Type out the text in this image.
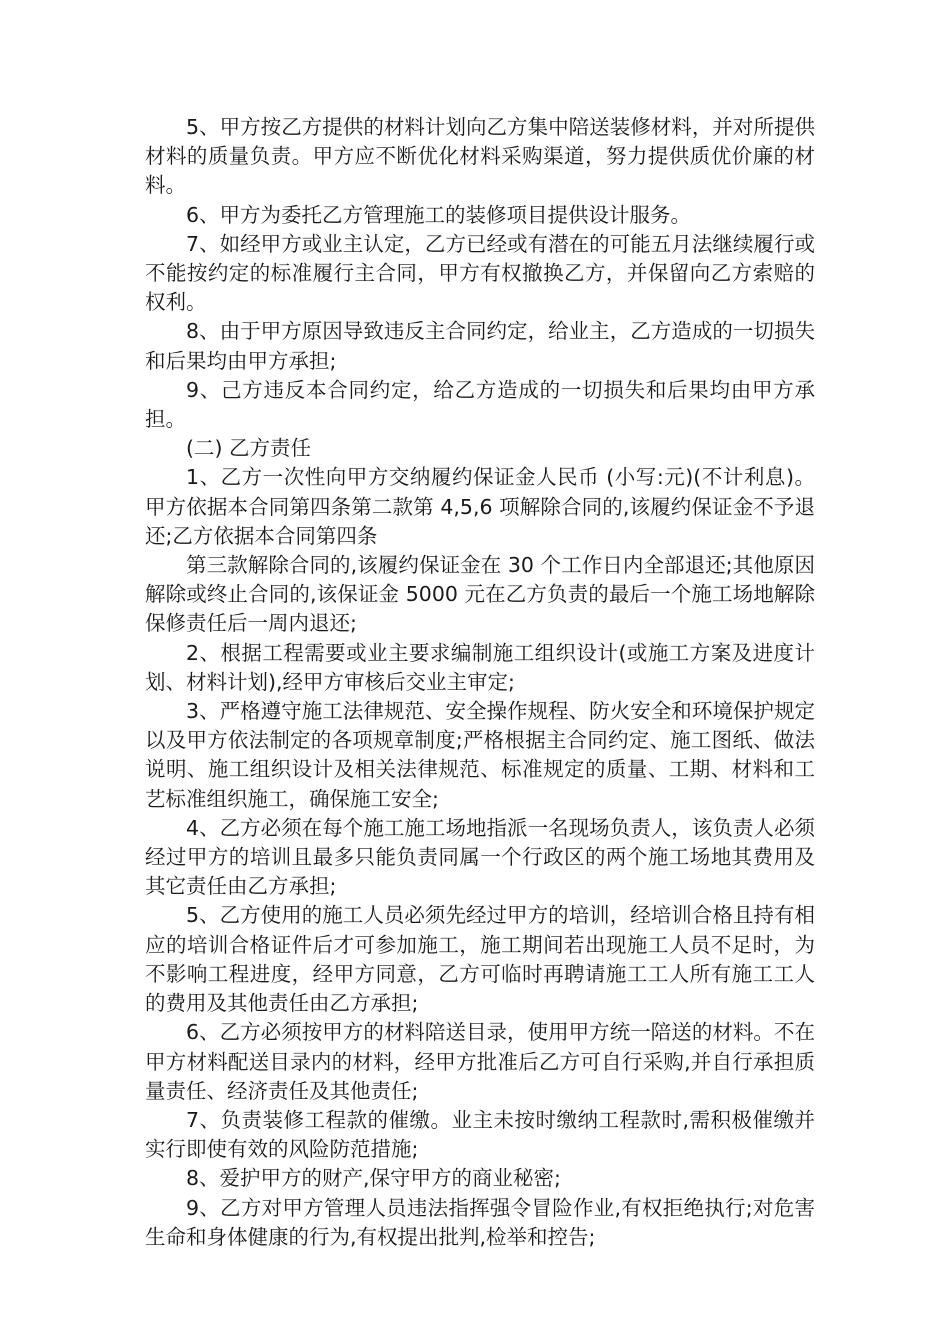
5、甲方按乙方提供的材料计划向乙方集中陪送装修材料，并对所提供材料的质量负责。甲方应不断优化材料采购渠道，努力提供质优价廉的材料。

6、甲方为委托乙方管理施工的装修项目提供设计服务。

7、如经甲方或业主认定，乙方已经或有潜在的可能五月法继续履行或不能按约定的标准履行主合同，甲方有权撤换乙方，并保留向乙方索赔的权利。

8、由于甲方原因导致违反主合同约定，给业主，乙方造成的一切损失和后果均由甲方承担;

9、己方违反本合同约定，给乙方造成的一切损失和后果均由甲方承担。

(二) 乙方责任

1、乙方一次性向甲方交纳履约保证金人民币 (小写:元)(不计利息)。甲方依据本合同第四条第二款第 4,5,6 项解除合同的,该履约保证金不予退还;乙方依据本合同第四条

第三款解除合同的,该履约保证金在 30 个工作日内全部退还;其他原因解除或终止合同的,该保证金 5000 元在乙方负责的最后一个施工场地解除保修责任后一周内退还;

2、根据工程需要或业主要求编制施工组织设计(或施工方案及进度计划、材料计划),经甲方审核后交业主审定;

3、严格遵守施工法律规范、安全操作规程、防火安全和环境保护规定以及甲方依法制定的各项规章制度;严格根据主合同约定、施工图纸、做法说明、施工组织设计及相关法律规范、标准规定的质量、工期、材料和工艺标准组织施工，确保施工安全;

4、乙方必须在每个施工施工场地指派一名现场负责人，该负责人必须经过甲方的培训且最多只能负责同属一个行政区的两个施工场地其费用及其它责任由乙方承担;

5、乙方使用的施工人员必须先经过甲方的培训，经培训合格且持有相应的培训合格证件后才可参加施工，施工期间若出现施工人员不足时，为不影响工程进度，经甲方同意，乙方可临时再聘请施工工人所有施工工人的费用及其他责任由乙方承担;

6、乙方必须按甲方的材料陪送目录，使用甲方统一陪送的材料。不在甲方材料配送目录内的材料，经甲方批准后乙方可自行采购,并自行承担质量责任、经济责任及其他责任;

7、负责装修工程款的催缴。业主未按时缴纳工程款时,需积极催缴并实行即使有效的风险防范措施;

8、爱护甲方的财产,保守甲方的商业秘密;

9、乙方对甲方管理人员违法指挥强令冒险作业,有权拒绝执行;对危害生命和身体健康的行为,有权提出批判,检举和控告;
